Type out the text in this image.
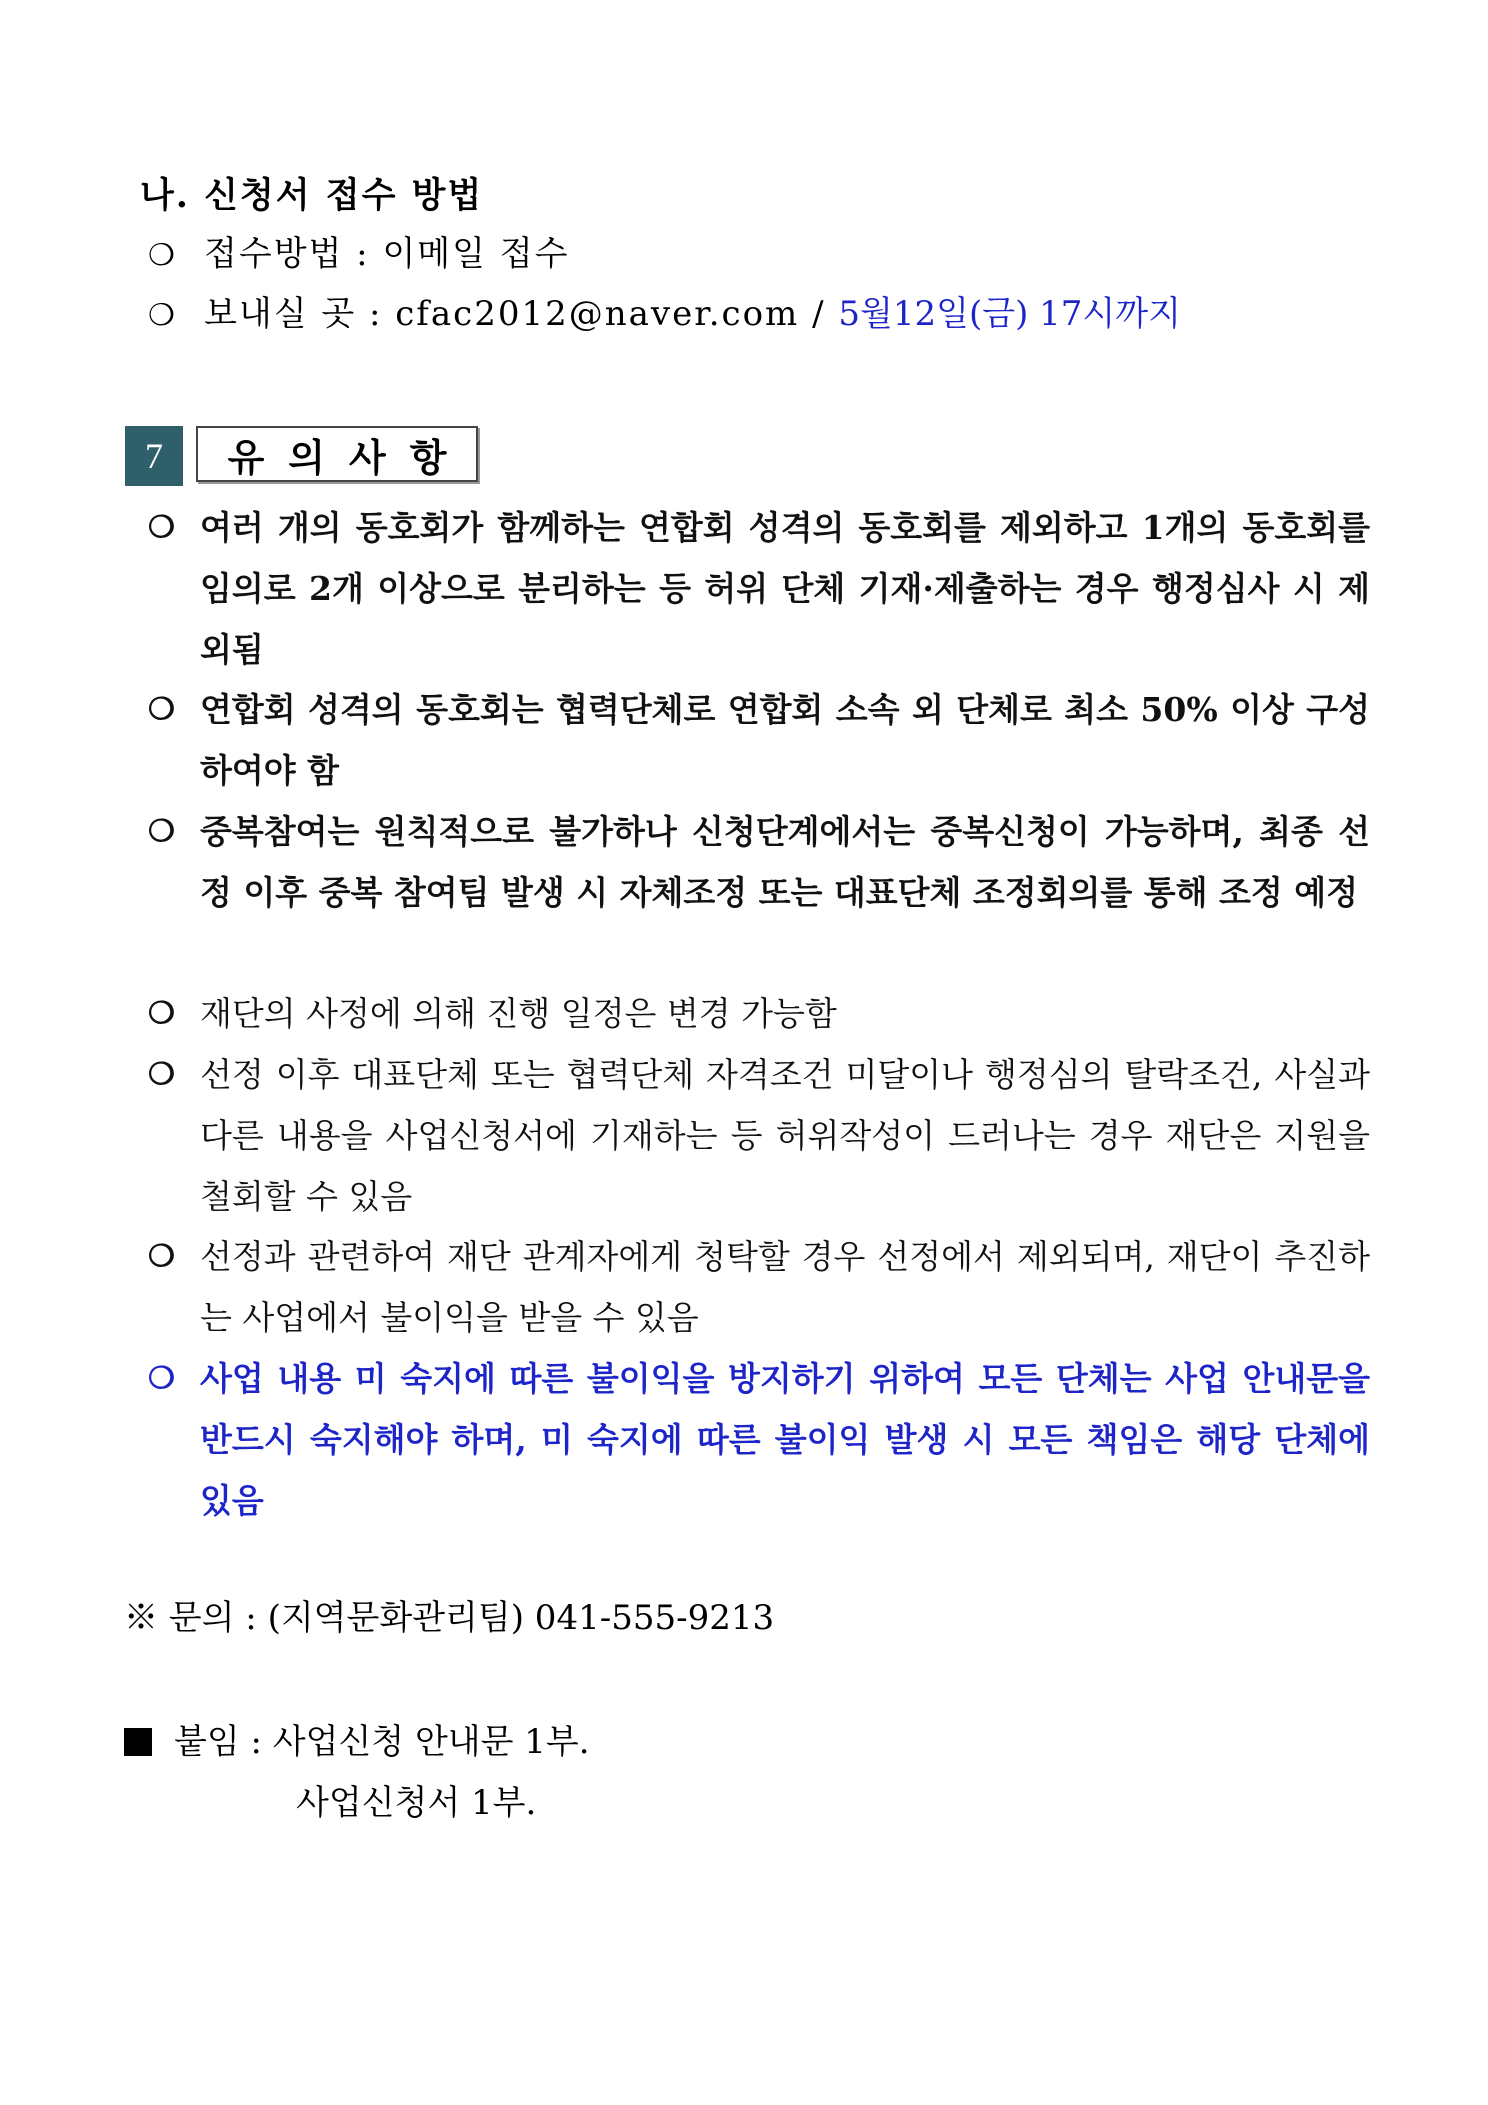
나. 신청서 접수 방법
❍ 접수방법 : 이메일 접수
❍ 보내실 곳 : cfac2012@naver.com / 5월12일(금) 17시까지
7	유의사항
❍ 여러 개의 동호회가 함께하는 연합회 성격의 동호회를 제외하고 1개의 동호회를 임의로 2개 이상으로 분리하는 등 허위 단체 기재·제출하는 경우 행정심사 시 제외됨
❍ 연합회 성격의 동호회는 협력단체로 연합회 소속 외 단체로 최소 50% 이상 구성하여야 함
❍ 중복참여는 원칙적으로 불가하나 신청단계에서는 중복신청이 가능하며, 최종 선정 이후 중복 참여팀 발생 시 자체조정 또는 대표단체 조정회의를 통해 조정 예정
❍ 재단의 사정에 의해 진행 일정은 변경 가능함
❍ 선정 이후 대표단체 또는 협력단체 자격조건 미달이나 행정심의 탈락조건, 사실과 다른 내용을 사업신청서에 기재하는 등 허위작성이 드러나는 경우 재단은 지원을 철회할 수 있음
❍ 선정과 관련하여 재단 관계자에게 청탁할 경우 선정에서 제외되며, 재단이 추진하는 사업에서 불이익을 받을 수 있음
❍ 사업 내용 미 숙지에 따른 불이익을 방지하기 위하여 모든 단체는 사업 안내문을 반드시 숙지해야 하며, 미 숙지에 따른 불이익 발생 시 모든 책임은 해당 단체에 있음
※ 문의 : (지역문화관리팀) 041-555-9213
붙임 : 사업신청 안내문 1부.
사업신청서 1부.
